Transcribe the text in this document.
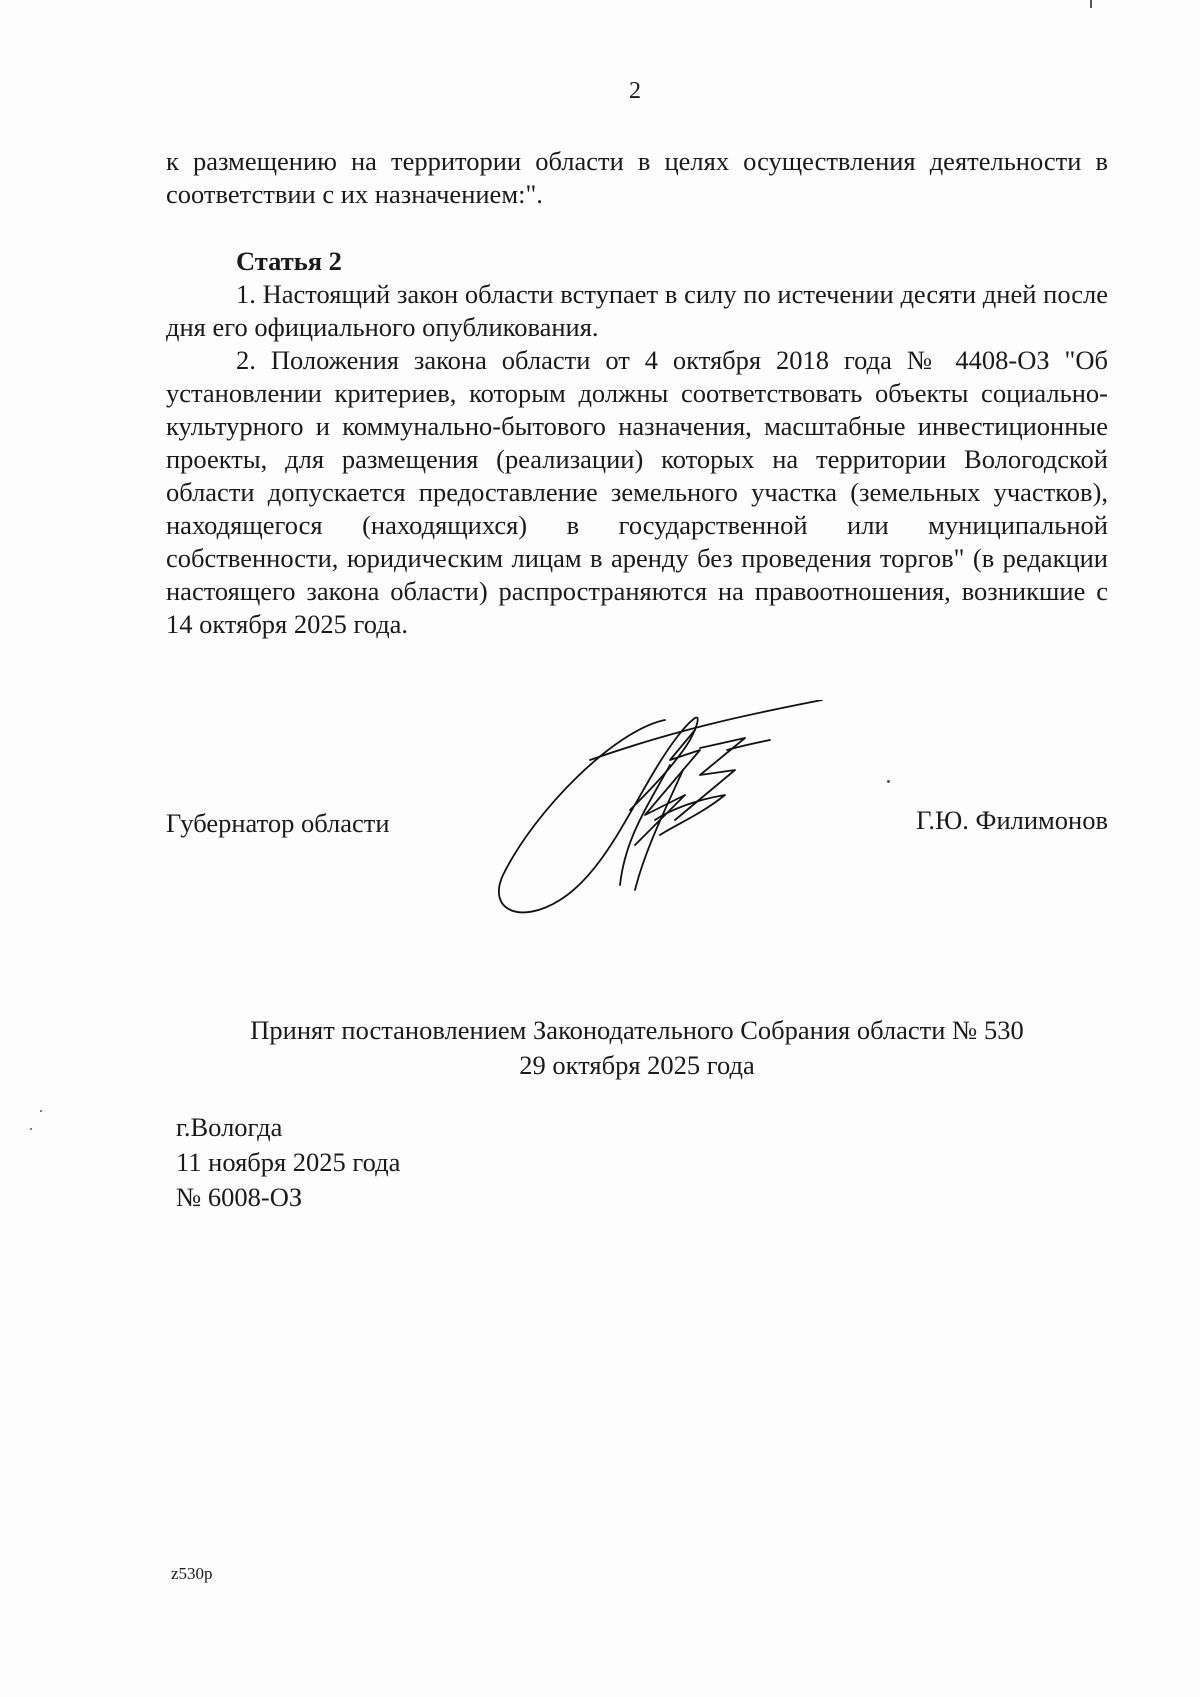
2

к размещению на территории области в целях осуществления деятельности в соответствии с их назначением:".

Статья 2

1. Настоящий закон области вступает в силу по истечении десяти дней после дня его официального опубликования.

2. Положения закона области от 4 октября 2018 года № 4408-ОЗ "Об установлении критериев, которым должны соответствовать объекты социально-культурного и коммунально-бытового назначения, масштабные инвестиционные проекты, для размещения (реализации) которых на территории Вологодской области допускается предоставление земельного участка (земельных участков), находящегося (находящихся) в государственной или муниципальной собственности, юридическим лицам в аренду без проведения торгов" (в редакции настоящего закона области) распространяются на правоотношения, возникшие с 14 октября 2025 года.

Губернатор области	Г.Ю. Филимонов
Принят постановлением Законодательного Собрания области № 530
29 октября 2025 года
г.Вологда
11 ноября 2025 года
№ 6008-ОЗ
z530p
